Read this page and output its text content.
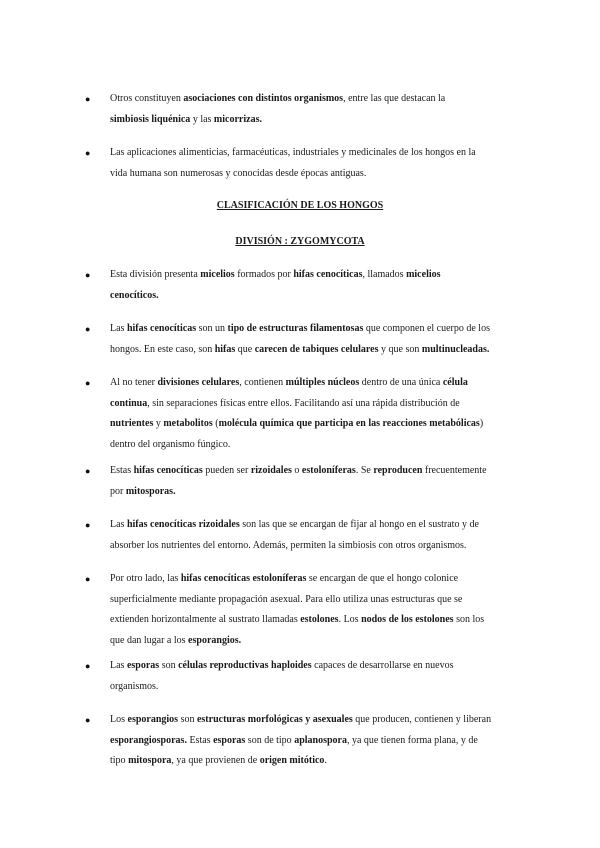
● Otros constituyen asociaciones con distintos organismos, entre las que destacan la
simbiosis liquénica y las micorrizas.
● Las aplicaciones alimenticias, farmacéuticas, industriales y medicinales de los hongos en la
vida humana son numerosas y conocidas desde épocas antiguas.
CLASIFICACIÓN DE LOS HONGOS
DIVISIÓN : ZYGOMYCOTA
● Esta división presenta micelios formados por hifas cenocíticas, llamados micelios
cenocíticos.
● Las hifas cenocíticas son un tipo de estructuras filamentosas que componen el cuerpo de los
hongos. En este caso, son hifas que carecen de tabiques celulares y que son multinucleadas.
● Al no tener divisiones celulares, contienen múltiples núcleos dentro de una única célula
continua, sin separaciones físicas entre ellos. Facilitando así una rápida distribución de
nutrientes y metabolitos (molécula química que participa en las reacciones metabólicas)
dentro del organismo fúngico.
● Estas hifas cenocíticas pueden ser rizoidales o estoloníferas. Se reproducen frecuentemente
por mitosporas.
● Las hifas cenocíticas rizoidales son las que se encargan de fijar al hongo en el sustrato y de
absorber los nutrientes del entorno. Además, permiten la simbiosis con otros organismos.
● Por otro lado, las hifas cenocíticas estoloníferas se encargan de que el hongo colonice
superficialmente mediante propagación asexual. Para ello utiliza unas estructuras que se
extienden horizontalmente al sustrato llamadas estolones. Los nodos de los estolones son los
que dan lugar a los esporangios.
● Las esporas son células reproductivas haploides capaces de desarrollarse en nuevos
organismos.
● Los esporangios son estructuras morfológicas y asexuales que producen, contienen y liberan
esporangiosporas. Estas esporas son de tipo aplanospora, ya que tienen forma plana, y de
tipo mitospora, ya que provienen de origen mitótico.
